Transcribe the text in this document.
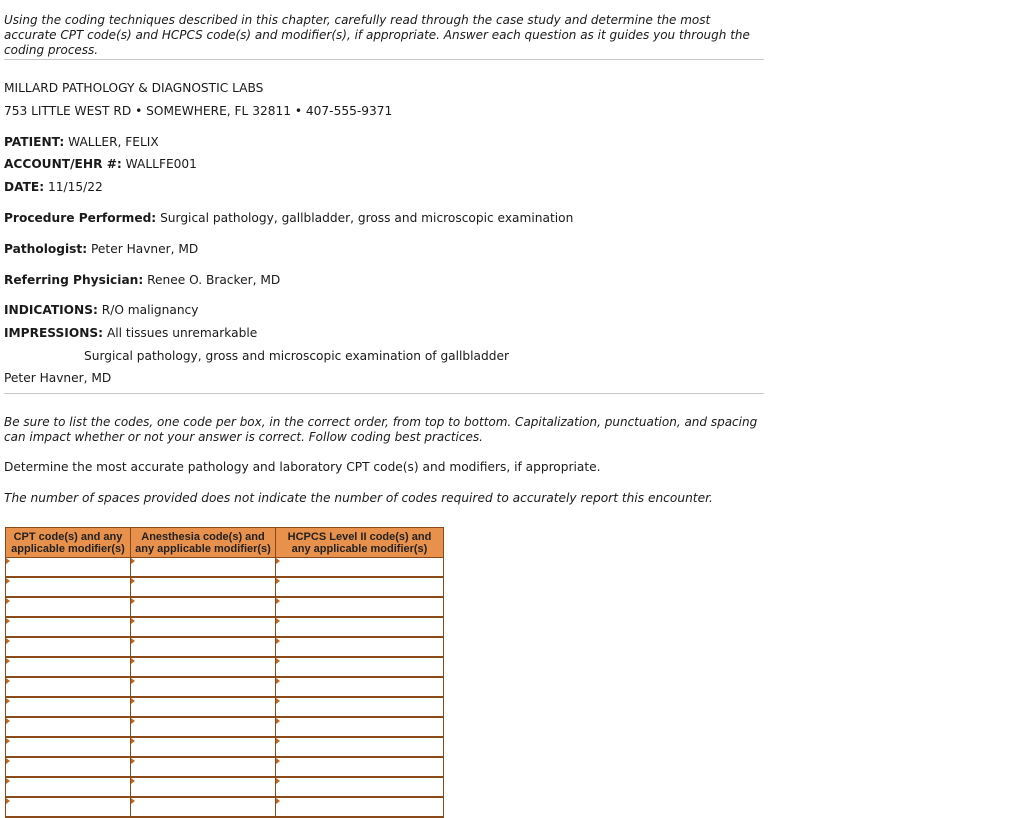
Using the coding techniques described in this chapter, carefully read through the case study and determine the most accurate CPT code(s) and HCPCS code(s) and modifier(s), if appropriate. Answer each question as it guides you through the coding process.
MILLARD PATHOLOGY & DIAGNOSTIC LABS
753 LITTLE WEST RD • SOMEWHERE, FL 32811 • 407-555-9371
PATIENT: WALLER, FELIX
ACCOUNT/EHR #: WALLFE001
DATE: 11/15/22
Procedure Performed: Surgical pathology, gallbladder, gross and microscopic examination
Pathologist: Peter Havner, MD
Referring Physician: Renee O. Bracker, MD
INDICATIONS: R/O malignancy
IMPRESSIONS: All tissues unremarkable
Surgical pathology, gross and microscopic examination of gallbladder
Peter Havner, MD
Be sure to list the codes, one code per box, in the correct order, from top to bottom. Capitalization, punctuation, and spacing can impact whether or not your answer is correct. Follow coding best practices.
Determine the most accurate pathology and laboratory CPT code(s) and modifiers, if appropriate.
The number of spaces provided does not indicate the number of codes required to accurately report this encounter.
CPT code(s) and any applicable modifier(s)	Anesthesia code(s) and any applicable modifier(s)	HCPCS Level II code(s) and any applicable modifier(s)
